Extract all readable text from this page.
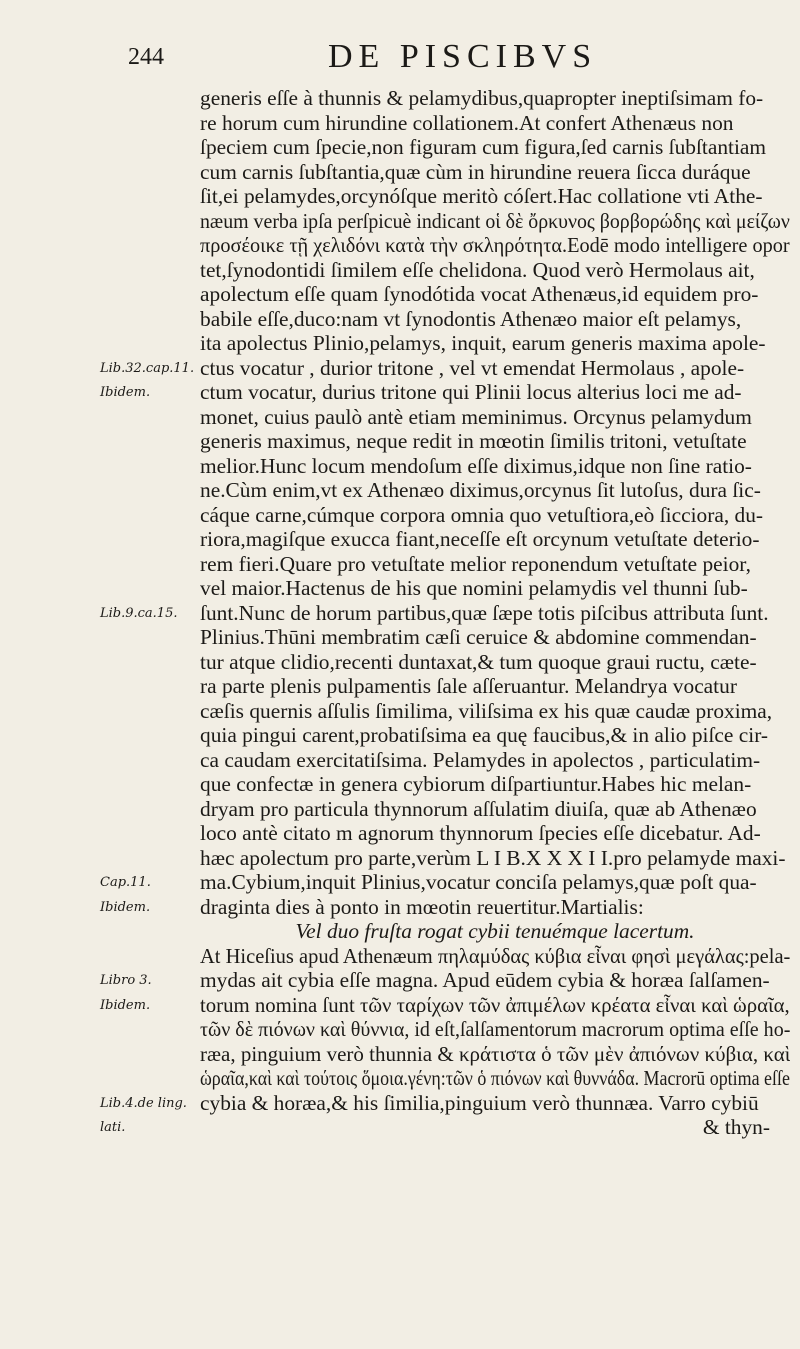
244	DE PISCIBVS
Lib.32.cap.11.
Ibidem.
Lib.9.ca.15.
Cap.11.
Ibidem.
Libro 3.
Ibidem.
Lib.4.de ling.
lati.
generis eſſe à thunnis & pelamydibus,quapropter ineptiſsimam fo-
re horum cum hirundine collationem.At confert Athenæus non
ſpeciem cum ſpecie,non figuram cum figura,ſed carnis ſubſtantiam
cum carnis ſubſtantia,quæ cùm in hirundine reuera ſicca duráque
ſit,ei pelamydes,orcynóſque meritò cóſert.Hac collatione vti Athe-
næum verba ipſa perſpicuè indicant οἱ δὲ ὄρκυνος βορβορώδης καὶ μείζων
προσέοικε τῇ χελιδόνι κατὰ τὴν σκληρότητα.Eodē modo intelligere opor
tet,ſynodontidi ſimilem eſſe chelidona. Quod verò Hermolaus ait,
apolectum eſſe quam ſynodótida vocat Athenæus,id equidem pro-
babile eſſe,duco:nam vt ſynodontis Athenæo maior eſt pelamys,
ita apolectus Plinio,pelamys, inquit, earum generis maxima apole-
ctus vocatur , durior tritone , vel vt emendat Hermolaus , apole-
ctum vocatur, durius tritone qui Plinii locus alterius loci me ad-
monet, cuius paulò antè etiam meminimus. Orcynus pelamydum
generis maximus, neque redit in mœotin ſimilis tritoni, vetuſtate
melior.Hunc locum mendoſum eſſe diximus,idque non ſine ratio-
ne.Cùm enim,vt ex Athenæo diximus,orcynus ſit lutoſus, dura ſic-
cáque carne,cúmque corpora omnia quo vetuſtiora,eò ſicciora, du-
riora,magiſque exucca fiant,neceſſe eſt orcynum vetuſtate deterio-
rem fieri.Quare pro vetuſtate melior reponendum vetuſtate peior,
vel maior.Hactenus de his que nomini pelamydis vel thunni ſub-
ſunt.Nunc de horum partibus,quæ ſæpe totis piſcibus attributa ſunt.
Plinius.Thūni membratim cæſi ceruice & abdomine commendan-
tur atque clidio,recenti duntaxat,& tum quoque graui ructu, cæte-
ra parte plenis pulpamentis ſale aſſeruantur. Melandrya vocatur
cæſis quernis aſſulis ſimilima, viliſsima ex his quæ caudæ proxima,
quia pingui carent,probatiſsima ea quę faucibus,& in alio piſce cir-
ca caudam exercitatiſsima. Pelamydes in apolectos , particulatim-
que confectæ in genera cybiorum diſpartiuntur.Habes hic melan-
dryam pro particula thynnorum aſſulatim diuiſa, quæ ab Athenæo
loco antè citato m agnorum thynnorum ſpecies eſſe dicebatur. Ad-
hæc apolectum pro parte,verùm L I B.X X X I I.pro pelamyde maxi-
ma.Cybium,inquit Plinius,vocatur conciſa pelamys,quæ poſt qua-
draginta dies à ponto in mœotin reuertitur.Martialis:
Vel duo fruſta rogat cybii tenuémque lacertum.
At Hiceſius apud Athenæum πηλαμύδας κύβια εἶναι φησὶ μεγάλας:pela-
mydas ait cybia eſſe magna. Apud eūdem cybia & horæa ſalſamen-
torum nomina ſunt τῶν ταρίχων τῶν ἀπιμέλων κρέατα εἶναι καὶ ὡραῖα,
τῶν δὲ πιόνων καὶ θύννια, id eſt,ſalſamentorum macrorum optima eſſe ho-
ræa, pinguium verò thunnia & κράτιστα ὁ τῶν μὲν ἀπιόνων κύβια, καὶ
ὡραῖα,καὶ καὶ τούτοις ὅμοια.γένη:τῶν ὁ πιόνων καὶ θυννάδα. Macrorū optima eſſe
cybia & horæa,& his ſimilia,pinguium verò thunnæa. Varro cybiū
& thyn-
